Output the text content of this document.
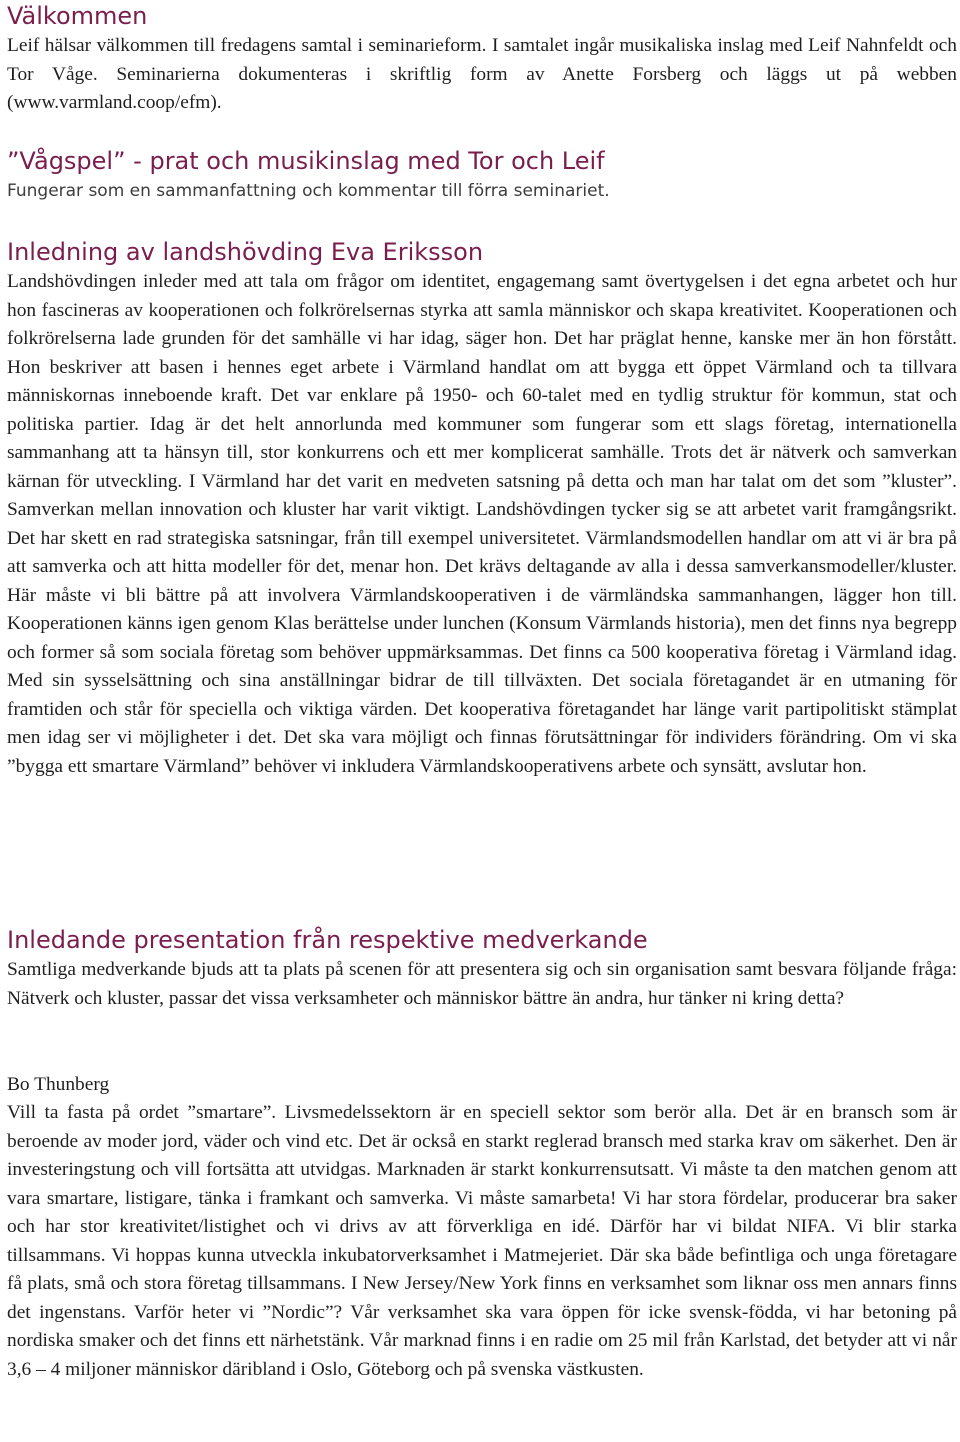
Välkommen

Leif hälsar välkommen till fredagens samtal i seminarieform. I samtalet ingår musikaliska inslag med Leif Nahnfeldt och Tor Våge. Seminarierna dokumenteras i skriftlig form av Anette Forsberg och läggs ut på webben (www.varmland.coop/efm).

”Vågspel” - prat och musikinslag med Tor och Leif

Fungerar som en sammanfattning och kommentar till förra seminariet.

Inledning av landshövding Eva Eriksson

Landshövdingen inleder med att tala om frågor om identitet, engagemang samt övertygelsen i det egna arbetet och hur hon fascineras av kooperationen och folkrörelsernas styrka att samla människor och skapa kreativitet. Kooperationen och folkrörelserna lade grunden för det samhälle vi har idag, säger hon. Det har präglat henne, kanske mer än hon förstått. Hon beskriver att basen i hennes eget arbete i Värmland handlat om att bygga ett öppet Värmland och ta tillvara människornas inneboende kraft. Det var enklare på 1950- och 60-talet med en tydlig struktur för kommun, stat och politiska partier. Idag är det helt annorlunda med kommuner som fungerar som ett slags företag, internationella sammanhang att ta hänsyn till, stor konkurrens och ett mer komplicerat samhälle. Trots det är nätverk och samverkan kärnan för utveckling. I Värmland har det varit en medveten satsning på detta och man har talat om det som ”kluster”. Samverkan mellan innovation och kluster har varit viktigt. Landshövdingen tycker sig se att arbetet varit framgångsrikt. Det har skett en rad strategiska satsningar, från till exempel universitetet. Värmlandsmodellen handlar om att vi är bra på att samverka och att hitta modeller för det, menar hon. Det krävs deltagande av alla i dessa samverkansmodeller/kluster. Här måste vi bli bättre på att involvera Värmlandskooperativen i de värmländska sammanhangen, lägger hon till. Kooperationen känns igen genom Klas berättelse under lunchen (Konsum Värmlands historia), men det finns nya begrepp och former så som sociala företag som behöver uppmärksammas. Det finns ca 500 kooperativa företag i Värmland idag. Med sin sysselsättning och sina anställningar bidrar de till tillväxten. Det sociala företagandet är en utmaning för framtiden och står för speciella och viktiga värden. Det kooperativa företagandet har länge varit partipolitiskt stämplat men idag ser vi möjligheter i det. Det ska vara möjligt och finnas förutsättningar för individers förändring. Om vi ska ”bygga ett smartare Värmland” behöver vi inkludera Värmlandskooperativens arbete och synsätt, avslutar hon.

Inledande presentation från respektive medverkande

Samtliga medverkande bjuds att ta plats på scenen för att presentera sig och sin organisation samt besvara följande fråga: Nätverk och kluster, passar det vissa verksamheter och människor bättre än andra, hur tänker ni kring detta?

Bo Thunberg

Vill ta fasta på ordet ”smartare”. Livsmedelssektorn är en speciell sektor som berör alla. Det är en bransch som är beroende av moder jord, väder och vind etc. Det är också en starkt reglerad bransch med starka krav om säkerhet. Den är investeringstung och vill fortsätta att utvidgas. Marknaden är starkt konkurrensutsatt. Vi måste ta den matchen genom att vara smartare, listigare, tänka i framkant och samverka. Vi måste samarbeta! Vi har stora fördelar, producerar bra saker och har stor kreativitet/listighet och vi drivs av att förverkliga en idé. Därför har vi bildat NIFA. Vi blir starka tillsammans. Vi hoppas kunna utveckla inkubatorverksamhet i Matmejeriet. Där ska både befintliga och unga företagare få plats, små och stora företag tillsammans. I New Jersey/New York finns en verksamhet som liknar oss men annars finns det ingenstans. Varför heter vi ”Nordic”? Vår verksamhet ska vara öppen för icke svensk-födda, vi har betoning på nordiska smaker och det finns ett närhetstänk. Vår marknad finns i en radie om 25 mil från Karlstad, det betyder att vi når 3,6 – 4 miljoner människor däribland i Oslo, Göteborg och på svenska västkusten.
